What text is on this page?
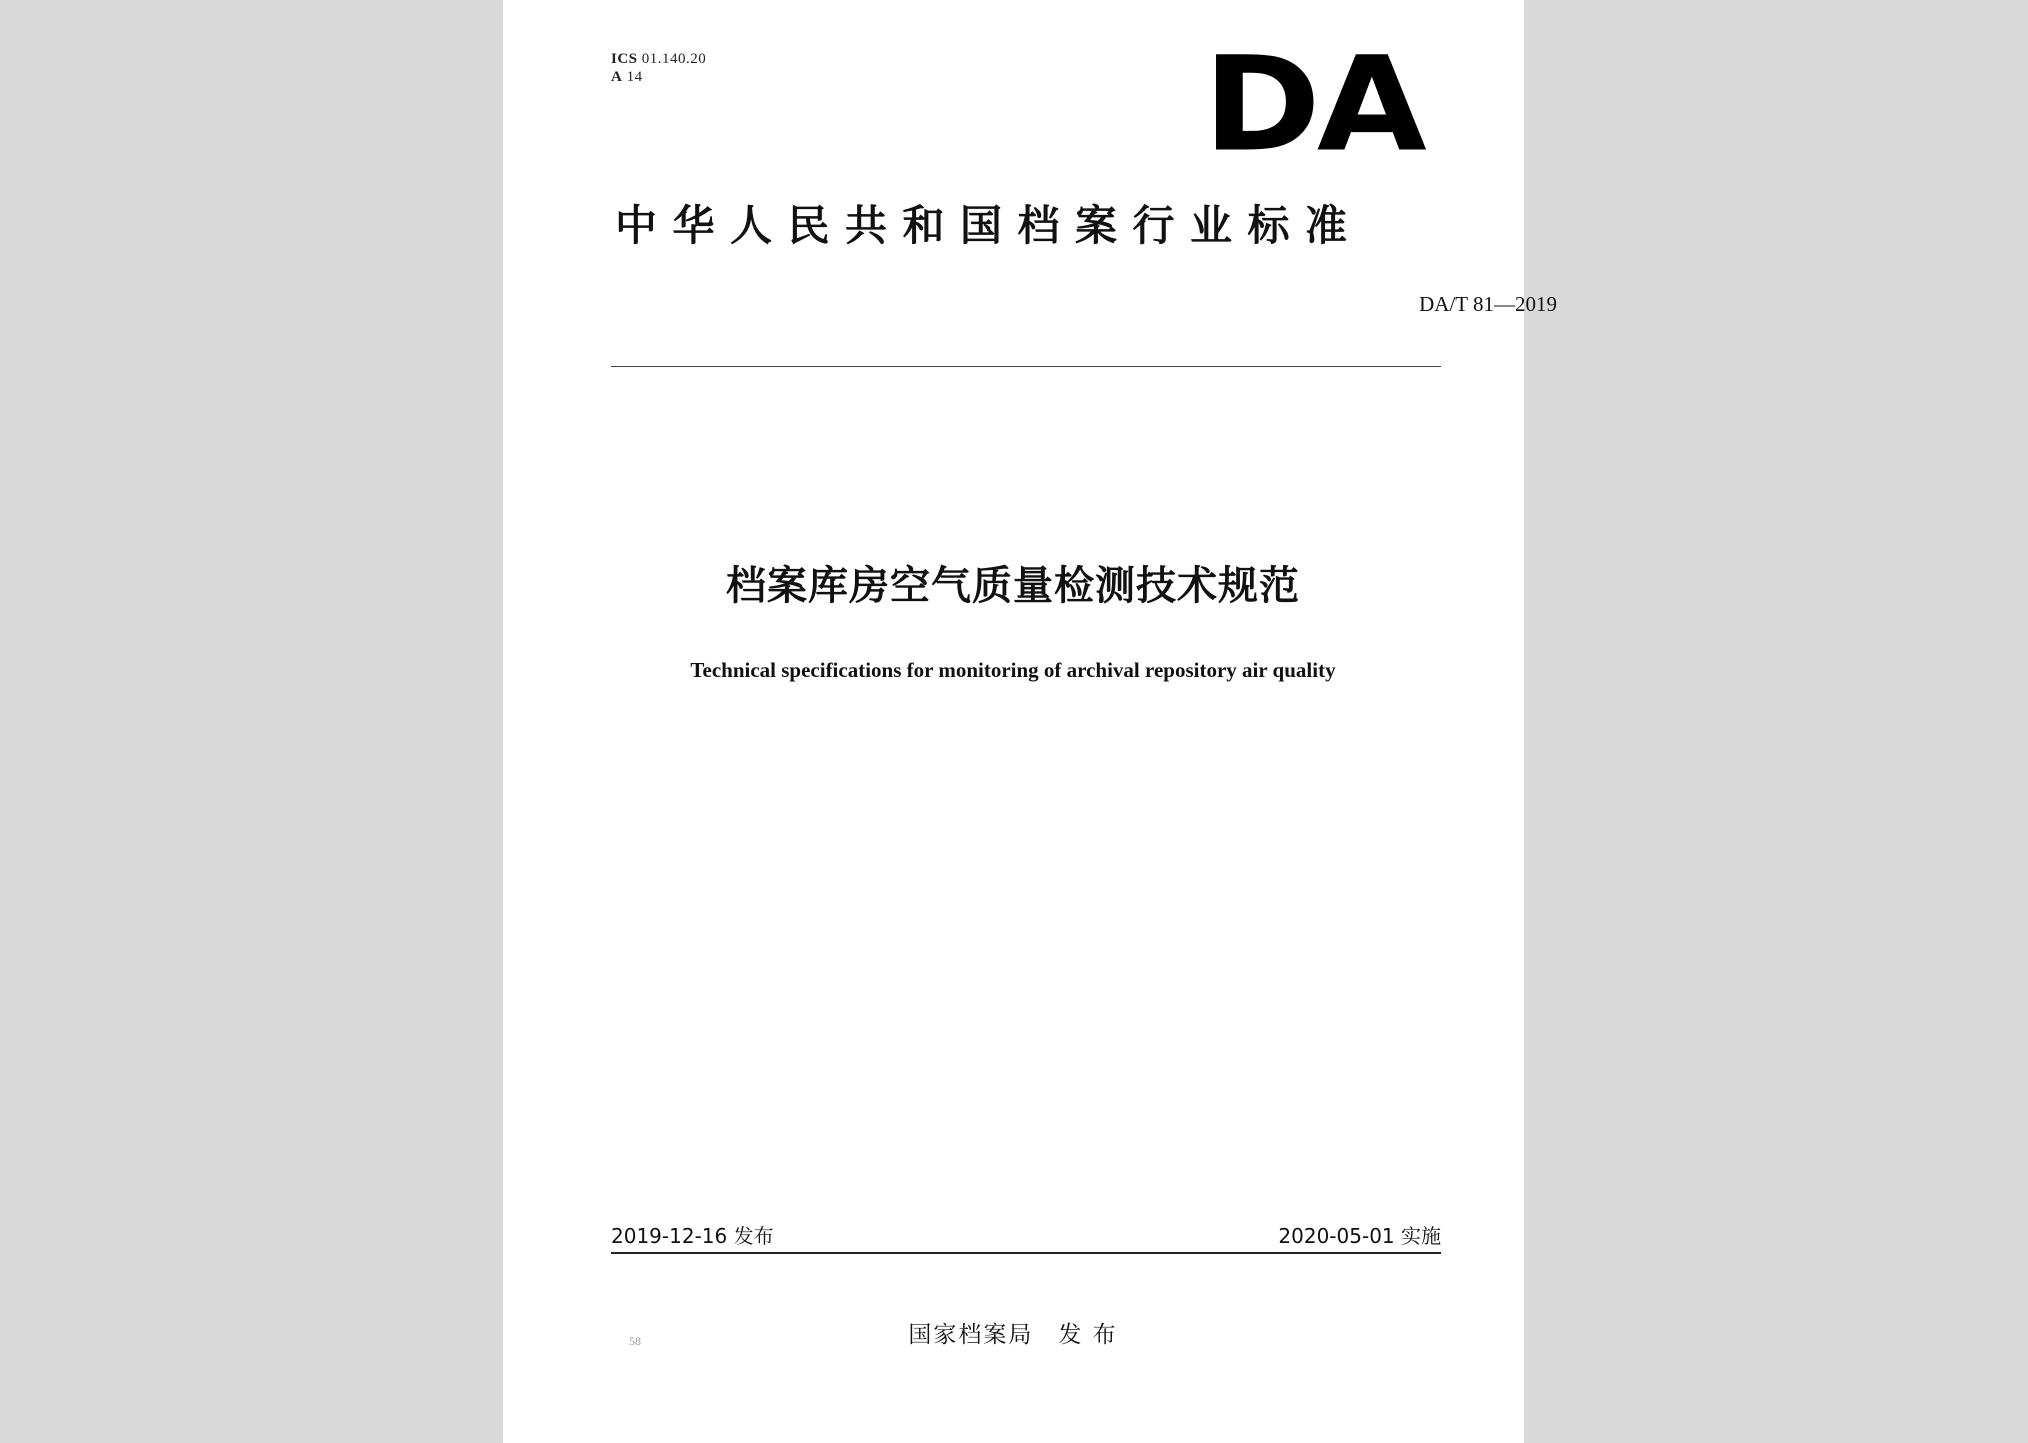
ICS 01.140.20
A 14	DA
中华人民共和国档案行业标准
DA/T 81—2019
档案库房空气质量检测技术规范
Technical specifications for monitoring of archival repository air quality
2019-12-16 发布	2020-05-01 实施
58	国家档案局　发 布
